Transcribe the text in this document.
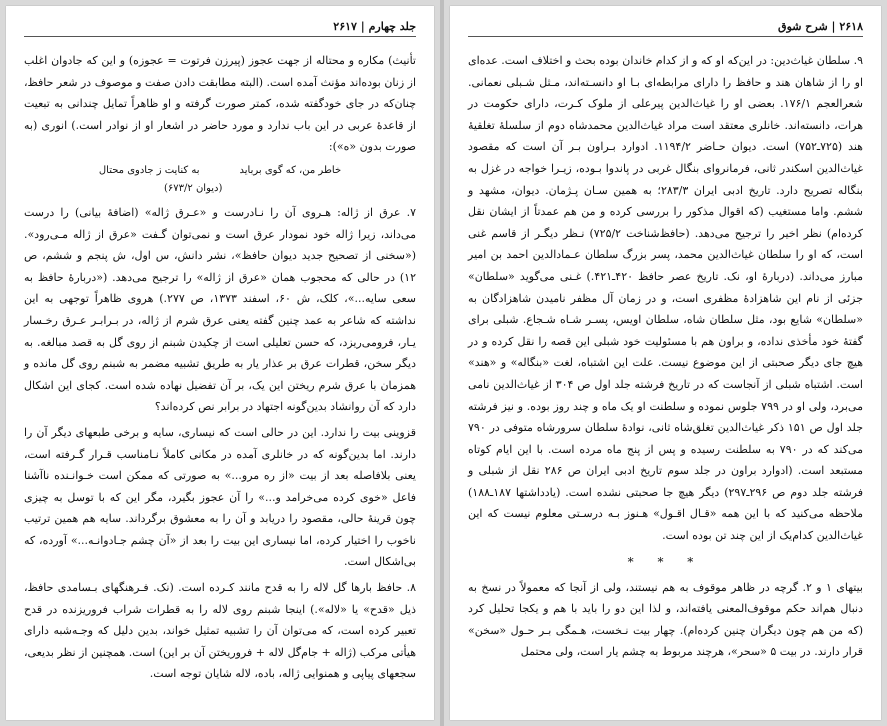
جلد چهارم | ۲۶۱۷

تأنيث) مکاره و محتاله از جهت عجوز (پيرزن فرتوت = عجوزه) و اين که جادوان اغلب از زنان بوده‌اند مؤنث آمده است. (البته مطابقت دادن صفت و موصوف در شعر حافظ، چنان‌که در جای خودگفته شده، کمتر صورت گرفته و او ظاهراً تمايل چندانی به تبعيت از قاعدهٔ عربی در اين باب ندارد و مورد حاضر در اشعار او از نوادر است.) انوری (به صورت بدون «ه»):

خاطر من، که گوی برباید
به کنايت ز جادوی محتال
(ديوان ۶۷۳/۲)

۷. عرق از ژاله: هـروی آن را نـادرست و «عـرق ژاله» (اضافهٔ بيانی) را درست می‌داند، زيرا ژاله خود نمودار عرق است و نمی‌توان گـفت «عرق از ژاله مـی‌رود». («سخنی از تصحيح جديد ديوان حافظ»، نشر دانش، س اول، ش پنجم و ششم، ص ۱۲) در حالی که محجوب همان «عرق از ژاله» را ترجيح می‌دهد. («دربارهٔ حافظ به سعی سايه...»، کلک، ش ۶۰، اسفند ۱۳۷۳، ص ۲۷۷.) هروی ظاهراً توجهی به اين نداشته که شاعر به عمد چنين گفته يعنی عرق شرم از ژاله، در بـرابـر عـرق رخـسار يـار، فرومی‌ريزد، که حسن تعليلی است از چکيدن شبنم از روی گل به قصد مبالغه. به ديگر سخن، قطرات عرق بر عذار يار به طريق تشبيه مضمر به شبنم روی گل مانده و همزمان با عرق شرم ريختن اين يک، بر آن تفضيل نهاده شده است. کجای اين اشکال دارد که آن روانشاد بدين‌گونه اجتهاد در برابر نص کرده‌اند؟

قزوينی بيت را ندارد. اين در حالی است که نيساری، سايه و برخی طبعهای ديگر آن را دارند. اما بدين‌گونه که در خانلری آمده در مکانی کاملاً نـامناسب قـرار گـرفته است، يعنی بلافاصله بعد از بيت «از ره مرو...» به صورتی که ممکن است خـوانـنده ناآشنا فاعل «خوی کرده می‌خرامد و...» را آن عجوز بگيرد، مگر اين که با توسل به چيزی چون قرينهٔ حالی، مقصود را دريابد و آن را به معشوق برگرداند. سايه هم همين ترتيب ناخوب را اختيار کرده، اما نيساری اين بيت را بعد از «آن چشم جـادوانـه...» آورده، که بی‌اشکال است.

۸. حافظ بارها گل لاله را به قدح مانند کـرده است. (نک. فـرهنگهای بـسامدی حافظ، ذيل «قدح» يا «لاله».) اينجا شبنم روی لاله را به قطرات شراب فروريزنده در قدح تعبير کرده است، که می‌توان آن را تشبيه تمثيل خواند، بدين دليل که وجـه‌شبه دارای هيأتی مرکب (ژاله + جام‌گل لاله + فروريختن آن بر اين) است. همچنين از نظر بديعی، سجعهای پياپی و همنوايی ژاله، باده، لاله شايان توجه است.

۲۶۱۸ | شرح شوق

۹. سلطان غياث‌دين: در اين‌که او که و از کدام خاندان بوده بحث و اختلاف است. عده‌ای او را از شاهان هند و حافظ را دارای مرابطه‌ای بـا او دانسـته‌اند، مـثل شـبلی نعمانی. شعرالعجم ۱۷۶/۱. بعضی او را غياث‌الدين پيرعلی از ملوک کـرت، دارای حکومت در هرات، دانسته‌اند. خانلری معتقد است مراد غياث‌الدين محمدشاه دوم از سلسلهٔ تغلقيهٔ هند (۷۲۵ـ۷۵۲) است. ديوان حـاضر ۱۱۹۴/۲. ادوارد بـراون بـر آن است که مقصود غياث‌الدين اسکندر ثانی، فرمانروای بنگال غربی در پاندوا بـوده، زيـرا خواجه در غزل به بنگاله تصريح دارد. تاريخ ادبی ايران ۲۸۳/۳؛ به همين سـان پـژمان. ديوان، مشهد و ششم. واما مستغيب (که اقوال مذکور را بررسی کرده و من هم عمدتاً از ايشان نقل کرده‌ام) نظر اخير را ترجيح می‌دهد. (حافظ‌شناخت ۷۲۵/۲) نـظر ديگـر از قاسم غنی است، که او را سلطان غياث‌الدين محمد، پسر بزرگ سلطان عـمادالدين احمد بن امير مبارز می‌داند. (دربارهٔ او، نک. تاريخ عصر حافظ ۴۲۰ـ۴۲۱.) غـنی می‌گويد «سلطان» جزئی از نام اين شاهزادهٔ مظفری است، و در زمان آل مظفر ناميدن شاهزادگان به «سلطان» شايع بود، مثل سلطان شاه، سلطان اويس، پسـر شـاه شـجاع. شبلی برای گفتهٔ خود مأخذی نداده، و براون هم با مسئوليت خود شبلی اين قصه را نقل کرده و در هيچ جای ديگر صحبتی از اين موضوع نيست. علت اين اشتباه، لغت «بنگاله» و «هند» است. اشتباه شبلی از آنجاست که در تاريخ فرشته جلد اول ص ۳۰۴ از غياث‌الدين نامی می‌برد، ولی او در ۷۹۹ جلوس نموده و سلطنت او يک ماه و چند روز بوده. و نيز فرشته جلد اول ص ۱۵۱ ذکر غياث‌الدين تغلق‌شاه ثانی، نوادهٔ سلطان سرورشاه متوفی در ۷۹۰ می‌کند که در ۷۹۰ به سلطنت رسيده و پس از پنج ماه مرده است. با اين ايام کوتاه مستبعد است. (ادوارد براون در جلد سوم تاريخ ادبی ايران ص ۲۸۶ نقل از شبلی و فرشته جلد دوم ص ۲۹۶ـ۲۹۷) ديگر هيچ جا صحبتی نشده است. (يادداشتها ۱۸۷ـ۱۸۸) ملاحظه می‌کنيد که با اين همه «قـال اقـول» هـنوز بـه درسـتی معلوم نيست که اين غياث‌الدين کدام‌يک از اين چند تن بوده است.

* * *

بيتهای ۱ و ۲. گرچه در ظاهر موقوف به هم نيستند، ولی از آنجا که معمولاً در نسخ به دنبال هم‌اند حکم موقوف‌المعنی يافته‌اند، و لذا اين دو را بايد با هم و يکجا تحليل کرد (که من هم چون ديگران چنين کرده‌ام). چهار بيت نـخست، هـمگی بـر حـول «سخن» قرار دارند. در بيت ۵ «سحر»، هرچند مربوط به چشم يار است، ولی محتمل
